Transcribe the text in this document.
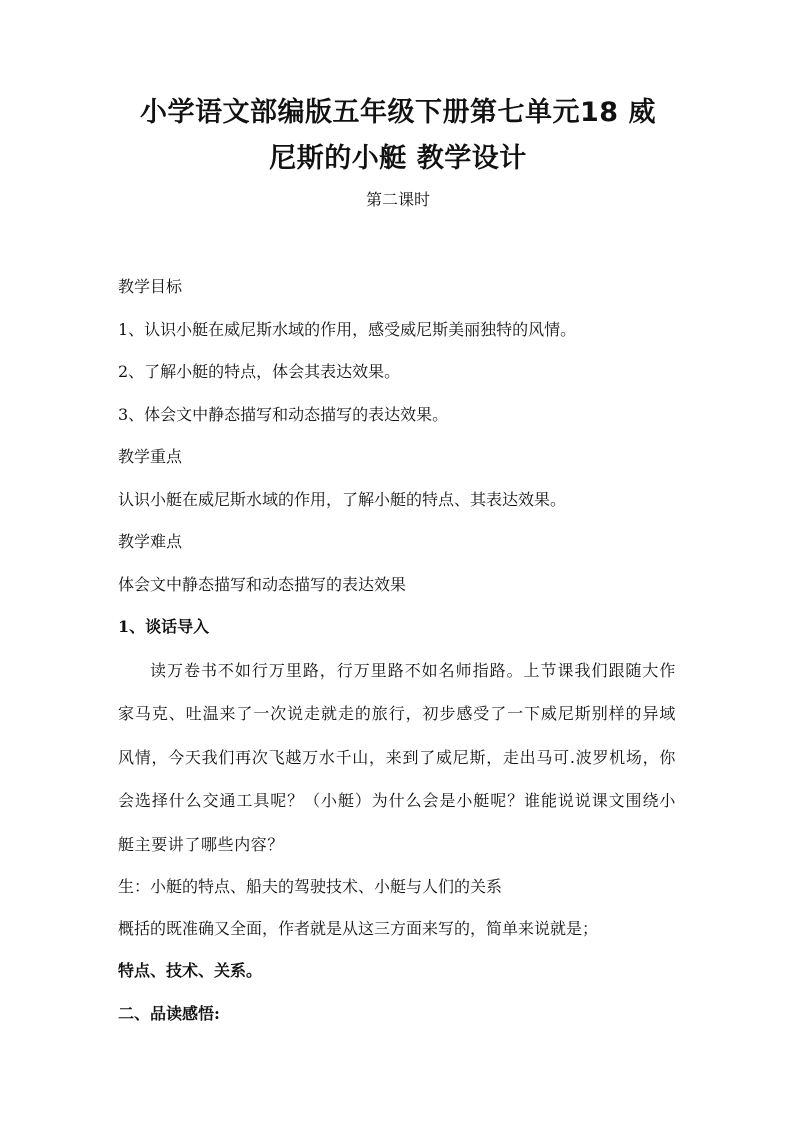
小学语文部编版五年级下册第七单元18 威
尼斯的小艇 教学设计
第二课时
教学目标
1、认识小艇在威尼斯水域的作用，感受威尼斯美丽独特的风情。
2、了解小艇的特点，体会其表达效果。
3、体会文中静态描写和动态描写的表达效果。
教学重点
认识小艇在威尼斯水域的作用，了解小艇的特点、其表达效果。
教学难点
体会文中静态描写和动态描写的表达效果
1、谈话导入

读万卷书不如行万里路，行万里路不如名师指路。上节课我们跟随大作家马克、吐温来了一次说走就走的旅行，初步感受了一下威尼斯别样的异域风情，今天我们再次飞越万水千山，来到了威尼斯，走出马可.波罗机场，你会选择什么交通工具呢？（小艇）为什么会是小艇呢？谁能说说课文围绕小艇主要讲了哪些内容？

生：小艇的特点、船夫的驾驶技术、小艇与人们的关系
概括的既准确又全面，作者就是从这三方面来写的，简单来说就是；
特点、技术、关系。
二、品读感悟:
